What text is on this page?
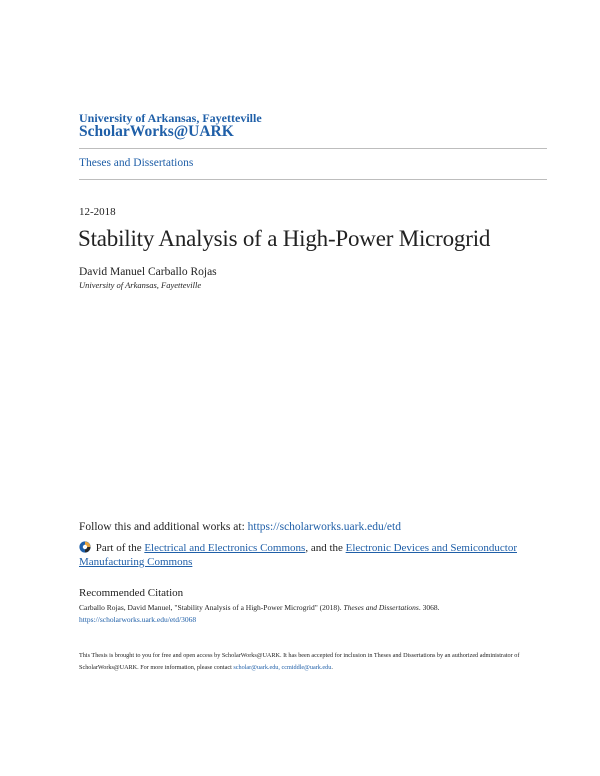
University of Arkansas, Fayetteville
ScholarWorks@UARK
Theses and Dissertations
12-2018
Stability Analysis of a High-Power Microgrid
David Manuel Carballo Rojas
University of Arkansas, Fayetteville
Follow this and additional works at: https://scholarworks.uark.edu/etd
Part of the Electrical and Electronics Commons, and the Electronic Devices and Semiconductor Manufacturing Commons
Recommended Citation
Carballo Rojas, David Manuel, "Stability Analysis of a High-Power Microgrid" (2018). Theses and Dissertations. 3068.
https://scholarworks.uark.edu/etd/3068
This Thesis is brought to you for free and open access by ScholarWorks@UARK. It has been accepted for inclusion in Theses and Dissertations by an authorized administrator of ScholarWorks@UARK. For more information, please contact scholar@uark.edu, ccmiddle@uark.edu.
